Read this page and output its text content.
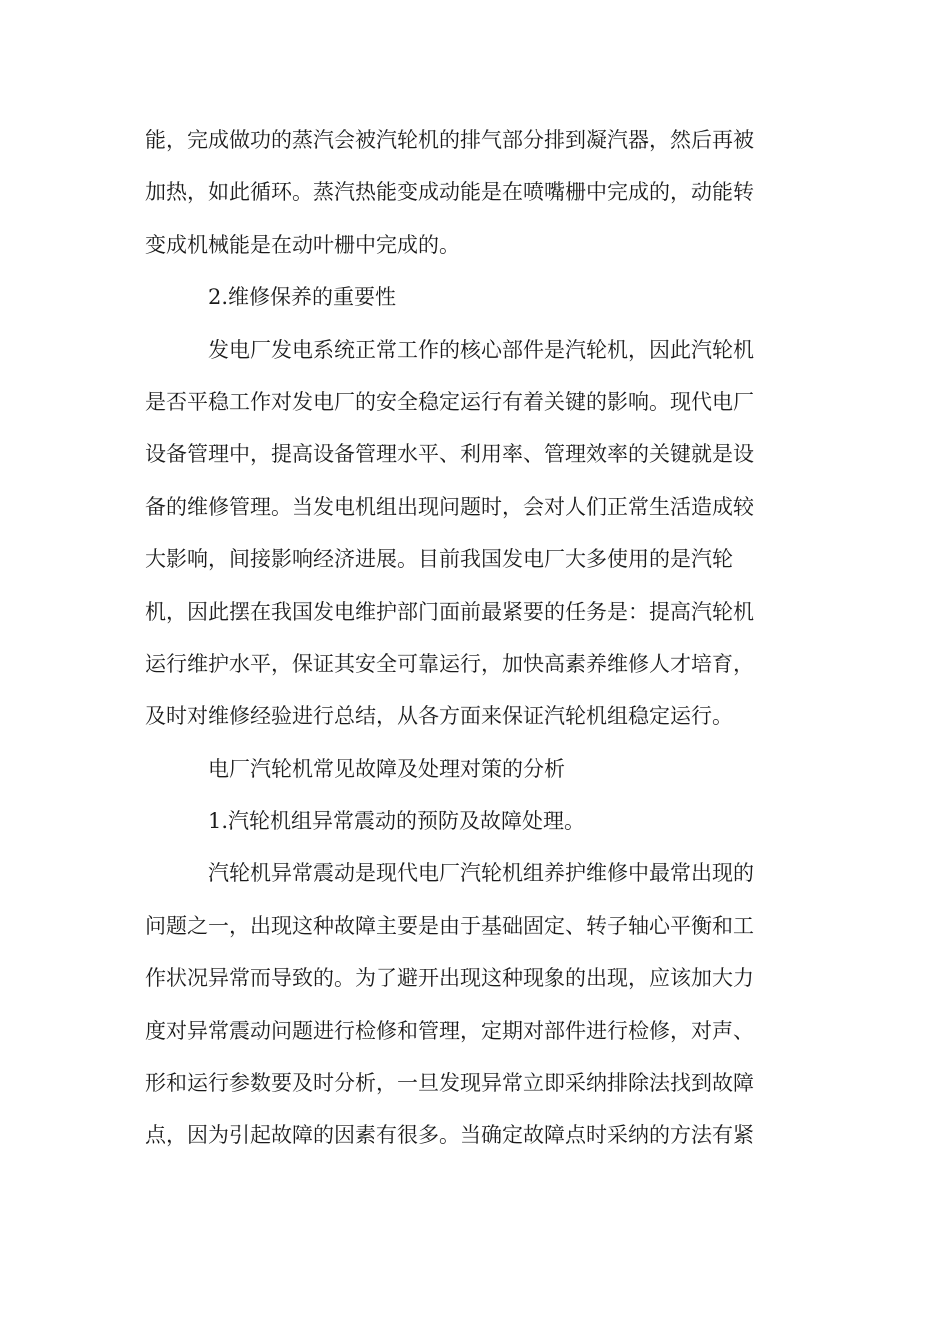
能，完成做功的蒸汽会被汽轮机的排气部分排到凝汽器，然后再被
加热，如此循环。蒸汽热能变成动能是在喷嘴栅中完成的，动能转
变成机械能是在动叶栅中完成的。
2.维修保养的重要性
发电厂发电系统正常工作的核心部件是汽轮机，因此汽轮机
是否平稳工作对发电厂的安全稳定运行有着关键的影响。现代电厂
设备管理中，提高设备管理水平、利用率、管理效率的关键就是设
备的维修管理。当发电机组出现问题时，会对人们正常生活造成较
大影响，间接影响经济进展。目前我国发电厂大多使用的是汽轮
机，因此摆在我国发电维护部门面前最紧要的任务是：提高汽轮机
运行维护水平，保证其安全可靠运行，加快高素养维修人才培育，
及时对维修经验进行总结，从各方面来保证汽轮机组稳定运行。
电厂汽轮机常见故障及处理对策的分析
1.汽轮机组异常震动的预防及故障处理。
汽轮机异常震动是现代电厂汽轮机组养护维修中最常出现的
问题之一，出现这种故障主要是由于基础固定、转子轴心平衡和工
作状况异常而导致的。为了避开出现这种现象的出现，应该加大力
度对异常震动问题进行检修和管理，定期对部件进行检修，对声、
形和运行参数要及时分析，一旦发现异常立即采纳排除法找到故障
点，因为引起故障的因素有很多。当确定故障点时采纳的方法有紧
